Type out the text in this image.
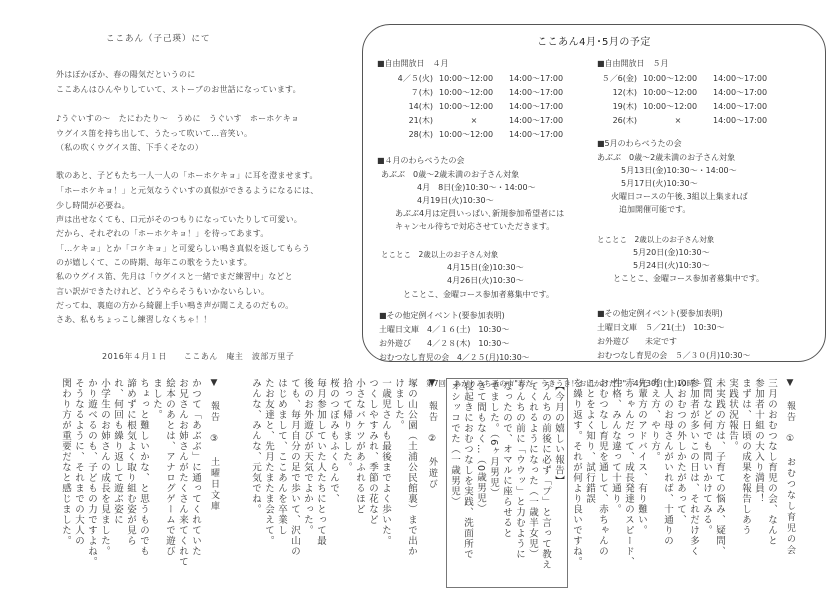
ここあん（子己瑛）にて
外はぽかぽか、春の陽気だというのに
ここあんはひんやりしていて、ストーブのお世話になっています。
♪うぐいすの〜　たにわたり〜　うめに　うぐいす　ホーホケキョ
ウグイス笛を持ち出して、うたって吹いて…音笑い。
（私の吹くウグイス笛、下手くそなの）
歌のあと、子どもたち一人一人の「ホーホケキョ」に耳を澄ませます。
「ホーホケキョ！」と元気なうぐいすの真似ができるようになるには、
少し時間が必要ね。
声は出せなくても、口元がそのつもりになっていたりして可愛い。
だから、それぞれの「ホーホケキョ！」を待ってあます。
「…ケキョ」とか「コケキョ」と可愛らしい鳴き真似を返してもらう
のが嬉しくて、この時期、毎年この歌をうたいます。
私のウグイス笛、先月は「ウグイスと一緒でまだ練習中」などと
言い訳ができたけれど、どうやらそうもいかないらしい。
だってね、裏庭の方から綺麗上手い鳴き声が聞こえるのだもの。
さあ、私もちょっこし練習しなくちゃ！！
2016年４月１日　　ここあん　庵主　波部万里子
ここあん4月･5月の予定
■自由開放日　４月
4／５(火) 10:00〜12:00 14:00〜17:00
７(木) 10:00〜12:00 14:00〜17:00
14(木) 10:00〜12:00 14:00〜17:00
21(木)	×	14:00〜17:00
28(木) 10:00〜12:00 14:00〜17:00
■自由開放日　５月
５／6(金) 10:00〜12:00 14:00〜17:00
12(木) 10:00〜12:00 14:00〜17:00
19(木) 10:00〜12:00 14:00〜17:00
26(木)	×	14:00〜17:00
■４月のわらべうたの会
あぶぶ　0歳〜2歳未満のお子さん対象
4月　8日(金)10:30〜・14:00〜
4月19日(火)10:30〜
あぶぶ4月は定員いっぱい､新規参加希望者には
キャンセル待ちで対応させていただきます。
とことこ　2歳以上のお子さん対象
4月15日(金)10:30〜
4月26日(火)10:30〜
とことこ、金曜コース参加者募集中です。
■5月のわらべうたの会
あぶぶ　0歳〜2歳未満のお子さん対象
5月13日(金)10:30〜・14:00〜
5月17日(火)10:30〜
火曜日コースの午後､3組以上集まれば
追加開催可能です。
とことこ　2歳以上のお子さん対象
5月20日(金)10:30〜
5月24日(火)10:30〜
とことこ、金曜コース参加者募集中です。
■その他定例イベント(要参加表明)
土曜日文庫　4／１６(土)　10:30〜
お外遊び　　4／２８(木)　10:30〜
おむつなし育児の会　4／２５(月)10:30〜
■その他定例イベント(要参加表明)
土曜日文庫　５／21(土)　10:30〜
お外遊び　　未定です
おむつなし育児の会　５／３０(月)10:30〜
第7回　あがりみち蚤の市"春だ、うきうき！お出かけだ!!"　4月30日(土)10時〜	▼　報告　①　おむつなし育児の会
三月のおむつなし育児の会、なんと
参加者十組の大入り満員！
まずは、日頃の成果を報告しあう
実践状況報告。
未実践の方は、子育ての悩み、疑問、
質問など何でも問いかけてみる。
参加者が多いこの日は、それだけ多く
のおむつの外しかたがあって、
十人のお母さんがいれば、十通りの
考え方、やり方。
先輩方のアドバイス、有り難い。
赤ちゃんだって、成長発達のスピード、
性格、みんな違って十通り。
おむつなし育児を通して、赤ちゃんの
ことをよく知り、試行錯誤
を繰り返す。それが何より良いですね。
【今月の嬉しい報告】
うんちの前後に必ず「プ」と言って教え
てくれるようになった（一歳半女児）
うんちの前に「ウウッ」と力むように
なったので、オマルに座らせると
でました。（6ヶ月男児）
きて間もなく…（0歳男児）
寝起きにおむつなしを実践、洗面所で
オシッコでた（一歳男児）
▼　報告　②　外遊び
塚の山公園（土浦公民館裏）まで出か
けました。
一歳児さんも最後までよく歩いた。
つくしやすみれ、季節の花など
小さなバケツがあふれるほど
拾って帰りました。
桜のつぼみもふくらんで、
毎月参加していた人たちにとって最
後のお外遊びが天気でよかった。
ても、毎月自分の足で歩いて、沢山の
はじめまして、ここあんを卒業し
たお友達と、先月たまたま会えて。
みんな、みんな、元気でね。
▼　報告　③　土曜日文庫
かつて「あぶぶ」に通ってくれていた
お兄さんお姉さんがたくさん来てくれて
絵本のあとは、アナログゲームで遊び
ました。
ちょっと難しいかな、と思うものでも
諦めずに根気よく取り組む姿が見ら
れ、何回も繰り返して遊ぶ姿に
小学生のお姉さんの成長を見ました。
かり遊べるのも、子どもの力ですよね。
そうなるように、それまでの大人の
関わり方が重要だなと感じました。
